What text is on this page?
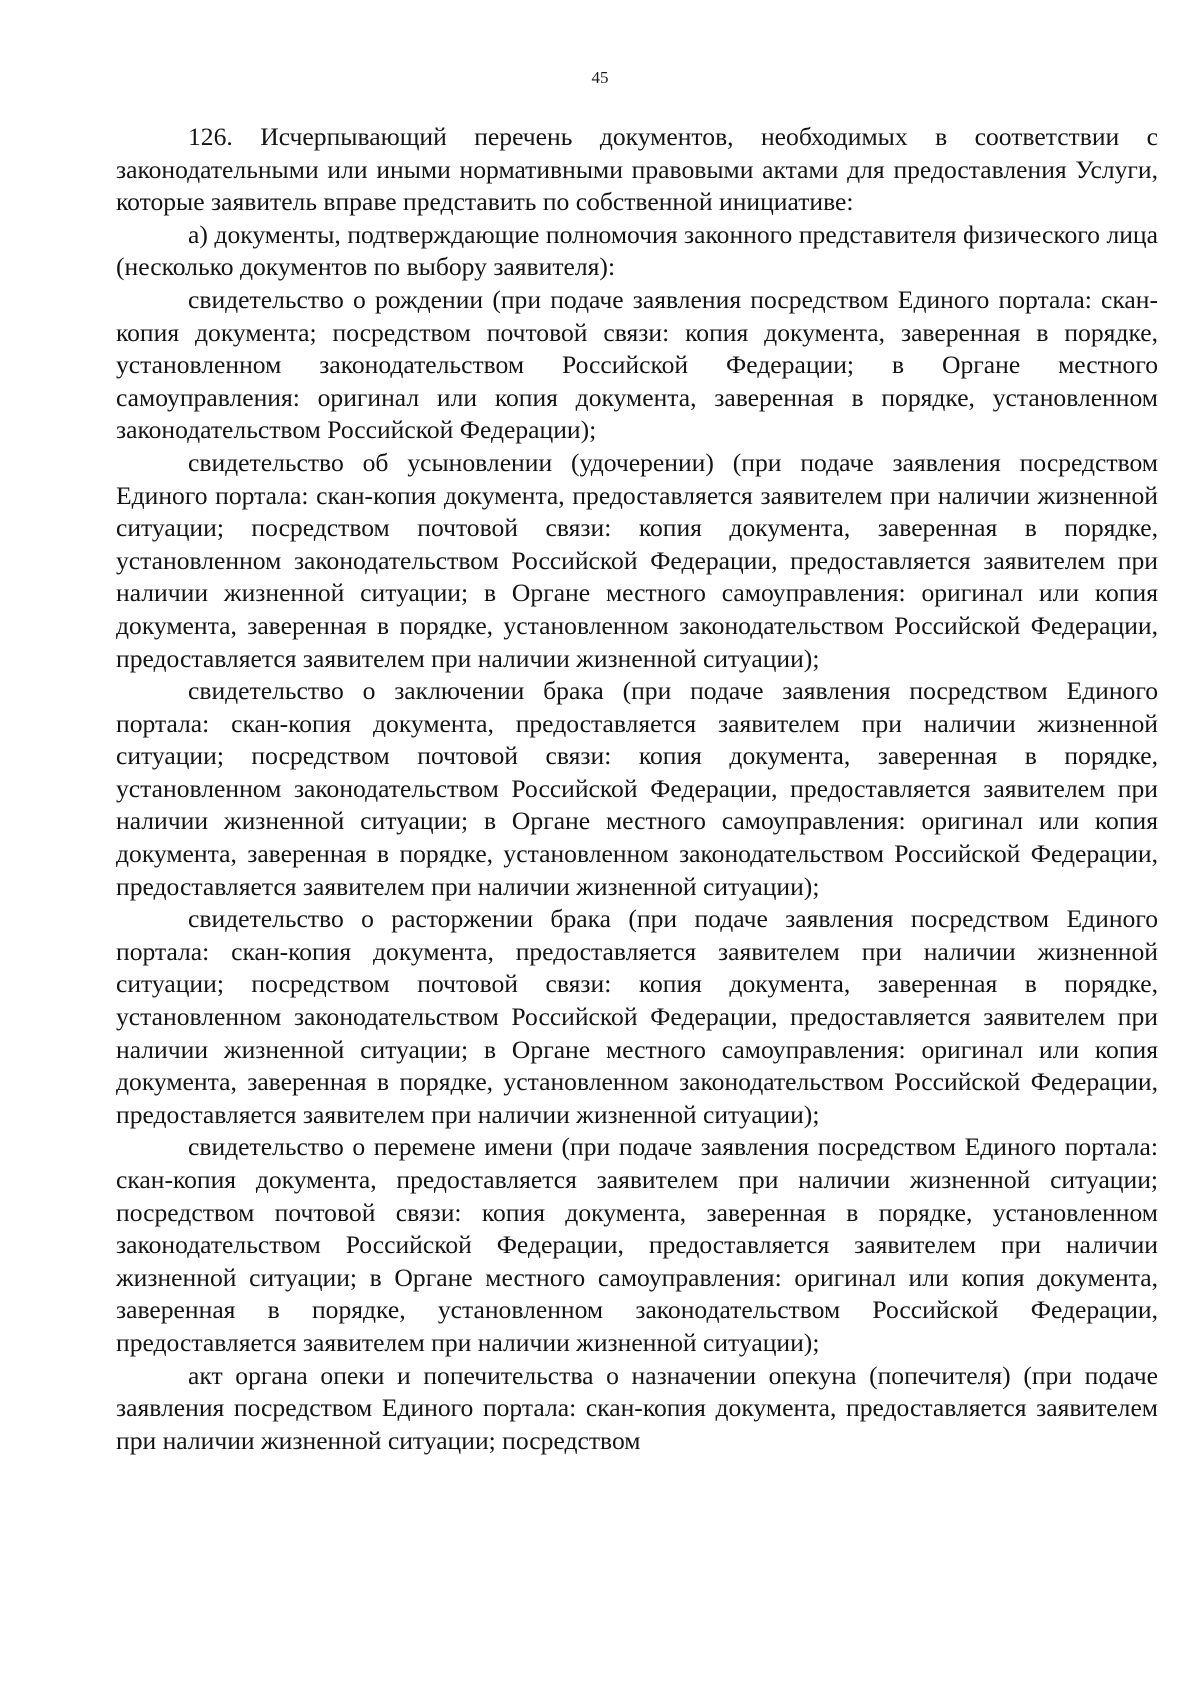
45

126. Исчерпывающий перечень документов, необходимых в соответствии с законодательными или иными нормативными правовыми актами для предоставления Услуги, которые заявитель вправе представить по собственной инициативе:

а) документы, подтверждающие полномочия законного представителя физического лица (несколько документов по выбору заявителя):

свидетельство о рождении (при подаче заявления посредством Единого портала: скан-копия документа; посредством почтовой связи: копия документа, заверенная в порядке, установленном законодательством Российской Федерации; в Органе местного самоуправления: оригинал или копия документа, заверенная в порядке, установленном законодательством Российской Федерации);

свидетельство об усыновлении (удочерении) (при подаче заявления посредством Единого портала: скан-копия документа, предоставляется заявителем при наличии жизненной ситуации; посредством почтовой связи: копия документа, заверенная в порядке, установленном законодательством Российской Федерации, предоставляется заявителем при наличии жизненной ситуации; в Органе местного самоуправления: оригинал или копия документа, заверенная в порядке, установленном законодательством Российской Федерации, предоставляется заявителем при наличии жизненной ситуации);

свидетельство о заключении брака (при подаче заявления посредством Единого портала: скан-копия документа, предоставляется заявителем при наличии жизненной ситуации; посредством почтовой связи: копия документа, заверенная в порядке, установленном законодательством Российской Федерации, предоставляется заявителем при наличии жизненной ситуации; в Органе местного самоуправления: оригинал или копия документа, заверенная в порядке, установленном законодательством Российской Федерации, предоставляется заявителем при наличии жизненной ситуации);

свидетельство о расторжении брака (при подаче заявления посредством Единого портала: скан-копия документа, предоставляется заявителем при наличии жизненной ситуации; посредством почтовой связи: копия документа, заверенная в порядке, установленном законодательством Российской Федерации, предоставляется заявителем при наличии жизненной ситуации; в Органе местного самоуправления: оригинал или копия документа, заверенная в порядке, установленном законодательством Российской Федерации, предоставляется заявителем при наличии жизненной ситуации);

свидетельство о перемене имени (при подаче заявления посредством Единого портала: скан-копия документа, предоставляется заявителем при наличии жизненной ситуации; посредством почтовой связи: копия документа, заверенная в порядке, установленном законодательством Российской Федерации, предоставляется заявителем при наличии жизненной ситуации; в Органе местного самоуправления: оригинал или копия документа, заверенная в порядке, установленном законодательством Российской Федерации, предоставляется заявителем при наличии жизненной ситуации);

акт органа опеки и попечительства о назначении опекуна (попечителя) (при подаче заявления посредством Единого портала: скан-копия документа, предоставляется заявителем при наличии жизненной ситуации; посредством
